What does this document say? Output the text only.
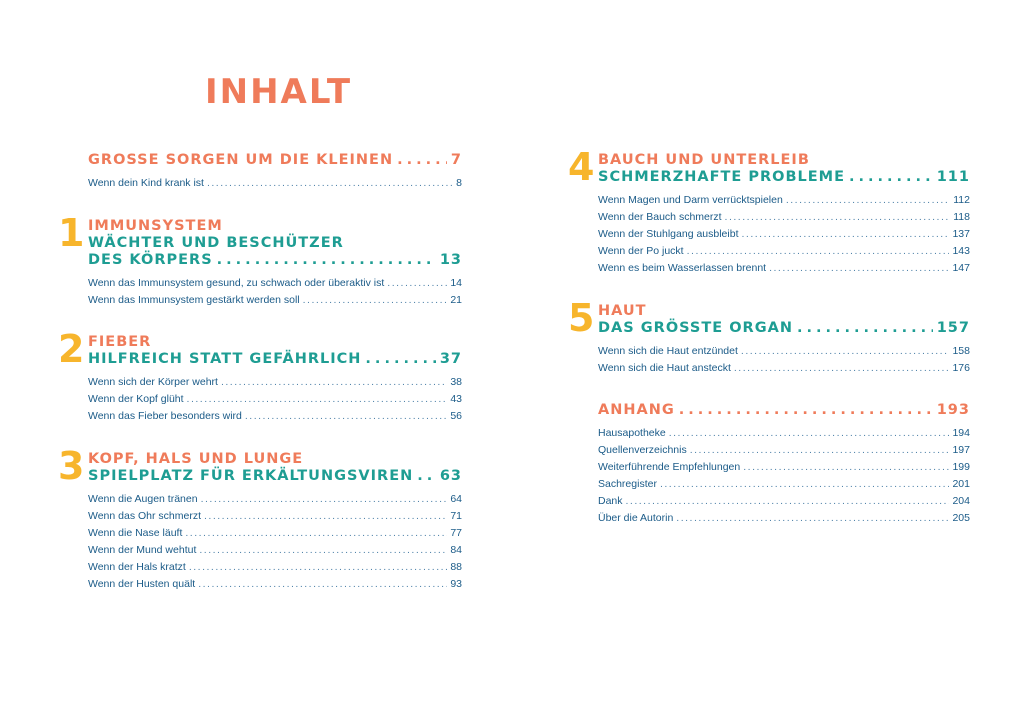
INHALT
GROSSE SORGEN UM DIE KLEINEN .....	7
Wenn dein Kind krank ist .....	8
1 IMMUNSYSTEM
WÄCHTER UND BESCHÜTZER
DES KÖRPERS .....	13
Wenn das Immunsystem gesund, zu schwach oder überaktiv ist .....	14
Wenn das Immunsystem gestärkt werden soll .....	21
2 FIEBER
HILFREICH STATT GEFÄHRLICH .....	37
Wenn sich der Körper wehrt .....	38
Wenn der Kopf glüht .....	43
Wenn das Fieber besonders wird .....	56
3 KOPF, HALS UND LUNGE
SPIELPLATZ FÜR ERKÄLTUNGSVIREN ..... 63
Wenn die Augen tränen .....	64
Wenn das Ohr schmerzt .....	71
Wenn die Nase läuft .....	77
Wenn der Mund wehtut .....	84
Wenn der Hals kratzt .....	88
Wenn der Husten quält .....	93
4 BAUCH UND UNTERLEIB
SCHMERZHAFTE PROBLEME .....	111
Wenn Magen und Darm verrücktspielen .....	112
Wenn der Bauch schmerzt .....	118
Wenn der Stuhlgang ausbleibt .....	137
Wenn der Po juckt .....	143
Wenn es beim Wasserlassen brennt .....	147
5 HAUT
DAS GRÖSSTE ORGAN .....	157
Wenn sich die Haut entzündet .....	158
Wenn sich die Haut ansteckt .....	176
ANHANG .....	193
Hausapotheke .....	194
Quellenverzeichnis .....	197
Weiterführende Empfehlungen .....	199
Sachregister .....	201
Dank .....	204
Über die Autorin .....	205
